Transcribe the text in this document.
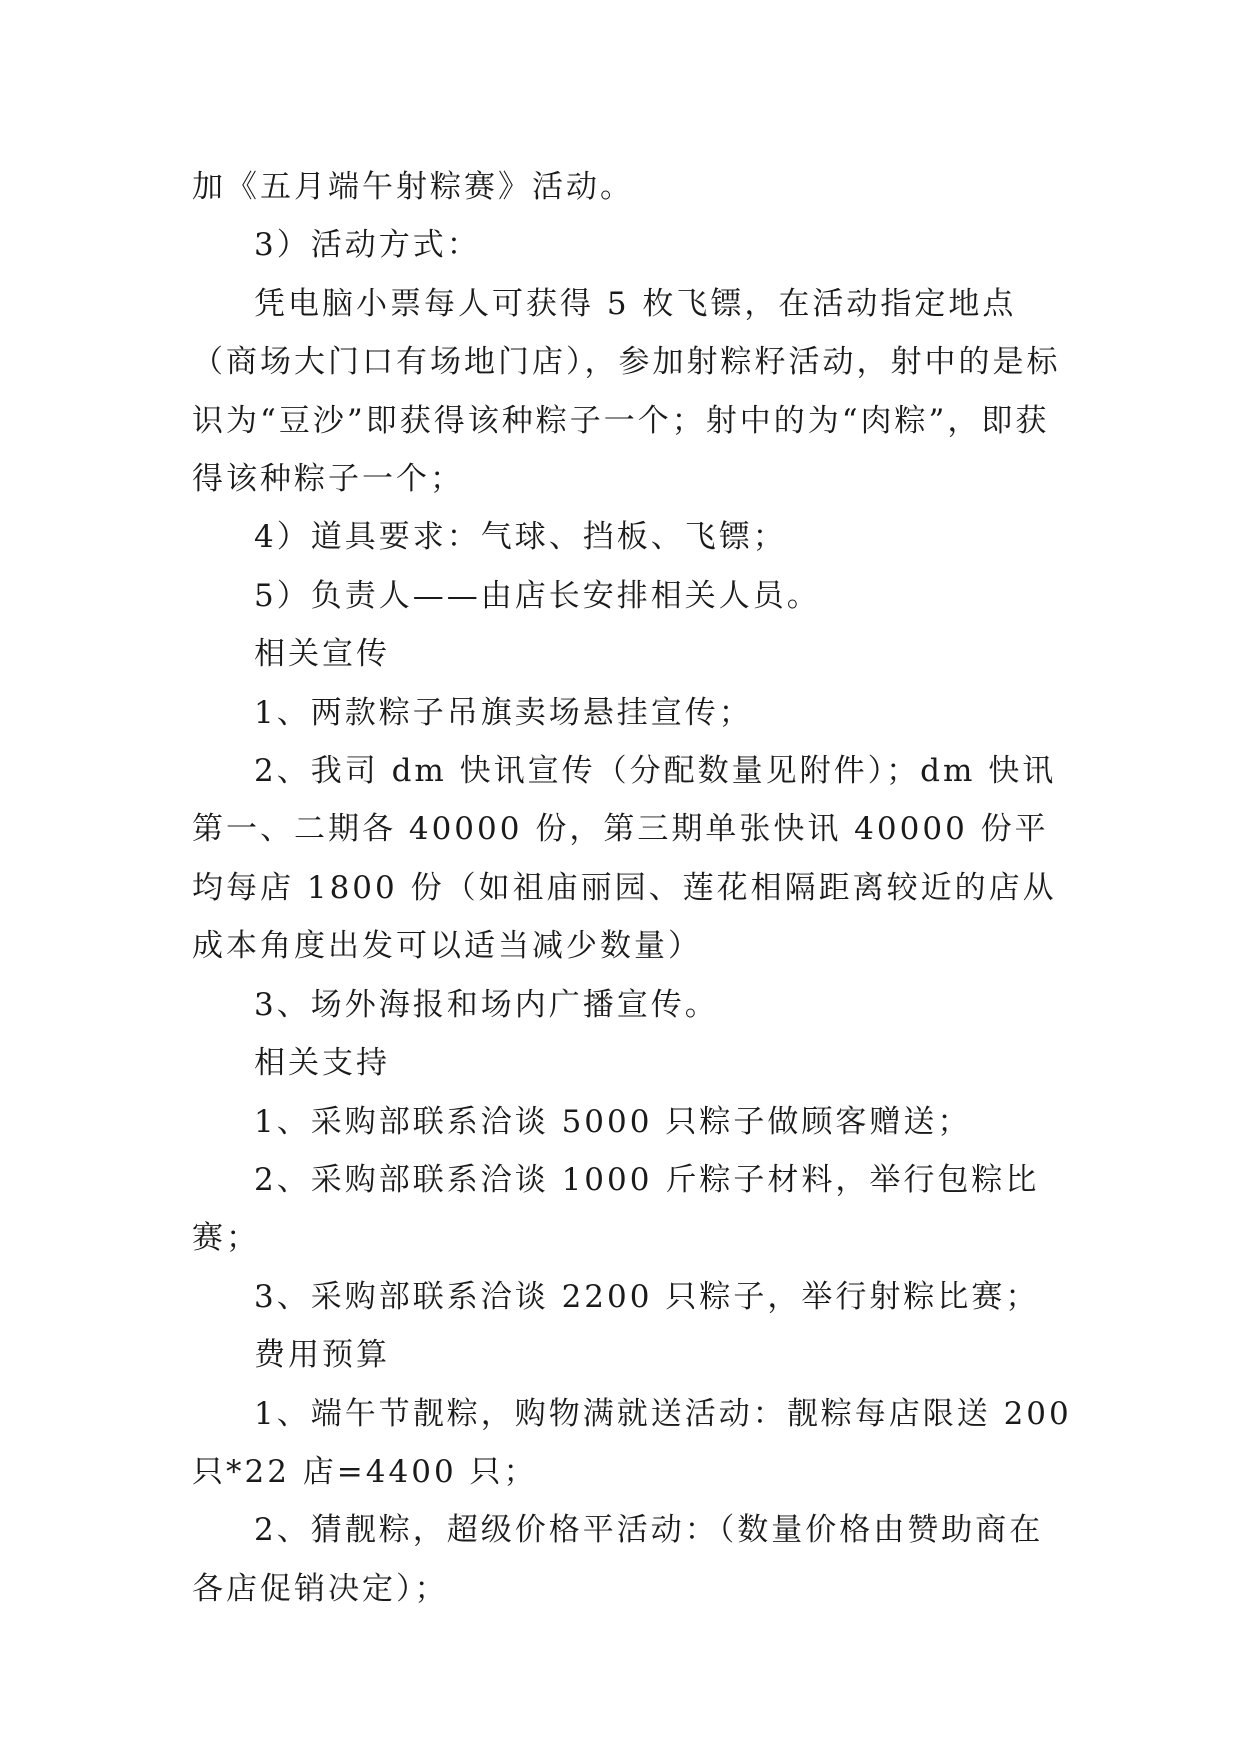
加《五月端午射粽赛》活动。

3）活动方式：

凭电脑小票每人可获得 5 枚飞镖，在活动指定地点（商场大门口有场地门店），参加射粽籽活动，射中的是标识为“豆沙”即获得该种粽子一个；射中的为“肉粽”，即获得该种粽子一个；

4）道具要求：气球、挡板、飞镖；

5）负责人——由店长安排相关人员。

相关宣传

1、两款粽子吊旗卖场悬挂宣传；

2、我司 dm 快讯宣传（分配数量见附件）；dm 快讯第一、二期各 40000 份，第三期单张快讯 40000 份平均每店 1800 份（如祖庙丽园、莲花相隔距离较近的店从成本角度出发可以适当减少数量）

3、场外海报和场内广播宣传。

相关支持

1、采购部联系洽谈 5000 只粽子做顾客赠送；

2、采购部联系洽谈 1000 斤粽子材料，举行包粽比赛；

3、采购部联系洽谈 2200 只粽子，举行射粽比赛；

费用预算

1、端午节靓粽，购物满就送活动：靓粽每店限送 200 只*22 店=4400 只；

2、猜靓粽，超级价格平活动：（数量价格由赞助商在各店促销决定）；
